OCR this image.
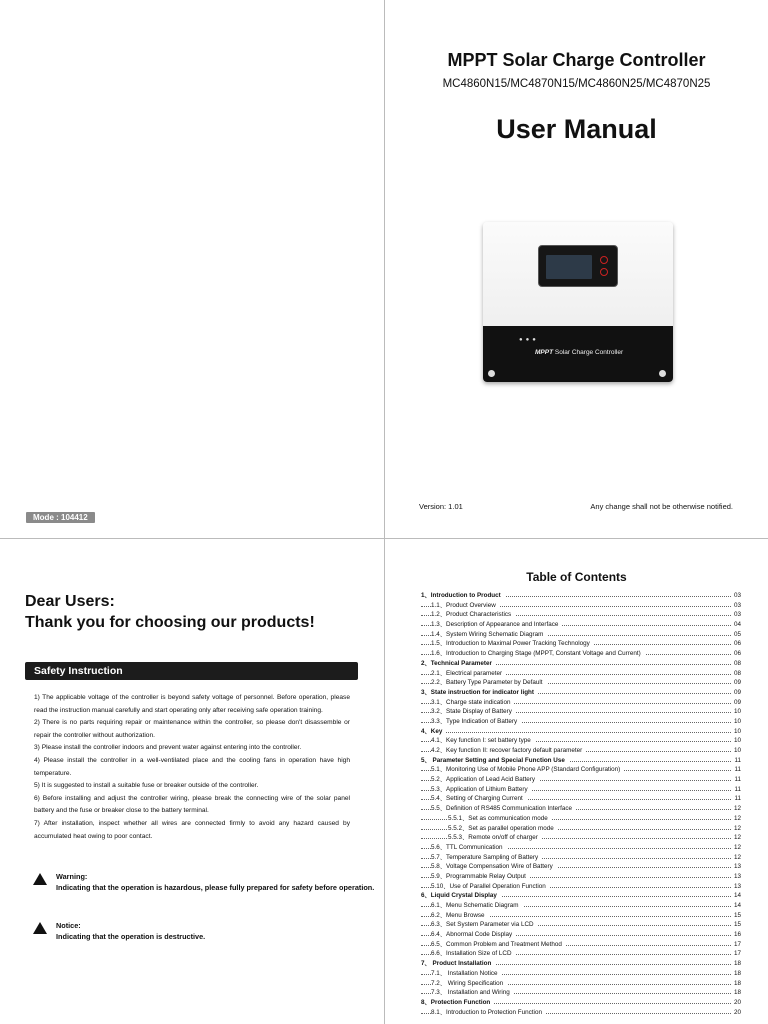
Mode : 104412
MPPT Solar Charge Controller
MC4860N15/MC4870N15/MC4860N25/MC4870N25
User Manual
●●●
MPPT Solar Charge Controller
Version: 1.01	Any change shall not be otherwise notified.
Dear Users:
Thank you for choosing our products!
Safety Instruction
1) The applicable voltage of the controller is beyond safety voltage of personnel. Before operation, please read the instruction manual carefully and start operating only after receiving safe operation training.
2) There is no parts requiring repair or maintenance within the controller, so please don't disassemble or repair the controller without authorization.
3) Please install the controller indoors and prevent water against entering into the controller.
4) Please install the controller in a well-ventilated place and the cooling fans in operation have high temperature.
5) It is suggested to install a suitable fuse or breaker outside of the controller.
6) Before installing and adjust the controller wiring, please break the connecting wire of the solar panel battery and the fuse or breaker close to the battery terminal.
7) After installation, inspect whether all wires are connected firmly to avoid any hazard caused by accumulated heat owing to poor contact.
Warning:
Indicating that the operation is hazardous, please fully prepared for safety before operation.
Notice:
Indicating that the operation is destructive.
Table of Contents
1、Introduction to Product	03
1.1、Product Overview	03
1.2、Product Characteristics	03
1.3、Description of Appearance and Interface	04
1.4、System Wiring Schematic Diagram	05
1.5、Introduction to Maximal Power Tracking Technology	06
1.6、Introduction to Charging Stage (MPPT, Constant Voltage and Current)	06
2、Technical Parameter	08
2.1、Electrical parameter	08
2.2、Battery Type Parameter by Default	09
3、State instruction for indicator light	09
3.1、Charge state indication	09
3.2、State Display of Battery	10
3.3、Type Indication of Battery	10
4、Key	10
4.1、Key function I: set battery type	10
4.2、Key function II: recover factory default parameter	10
5、 Parameter Setting and Special Function Use	11
5.1、Monitoring Use of Mobile Phone APP (Standard Configuration)	11
5.2、Application of Lead Acid Battery	11
5.3、Application of Lithium Battery	11
5.4、Setting of Charging Current	11
5.5、Definition of RS485 Communication Interface	12
5.5.1、Set as communication mode	12
5.5.2、Set as parallel operation mode	12
5.5.3、Remote on/off of charger	12
5.6、TTL Communication	12
5.7、Temperature Sampling of Battery	12
5.8、Voltage Compensation Wire of Battery	13
5.9、Programmable Relay Output	13
5.10、Use of Parallel Operation Function	13
6、Liquid Crystal Display	14
6.1、Menu Schematic Diagram	14
6.2、Menu Browse	15
6.3、Set System Parameter via LCD	15
6.4、Abnormal Code Display	16
6.5、Common Problem and Treatment Method	17
6.6、Installation Size of LCD	17
7、 Product Installation	18
7.1、 Installation Notice	18
7.2、 Wiring Specification	18
7.3、 Installation and Wiring	18
8、Protection Function	20
8.1、Introduction to Protection Function	20
